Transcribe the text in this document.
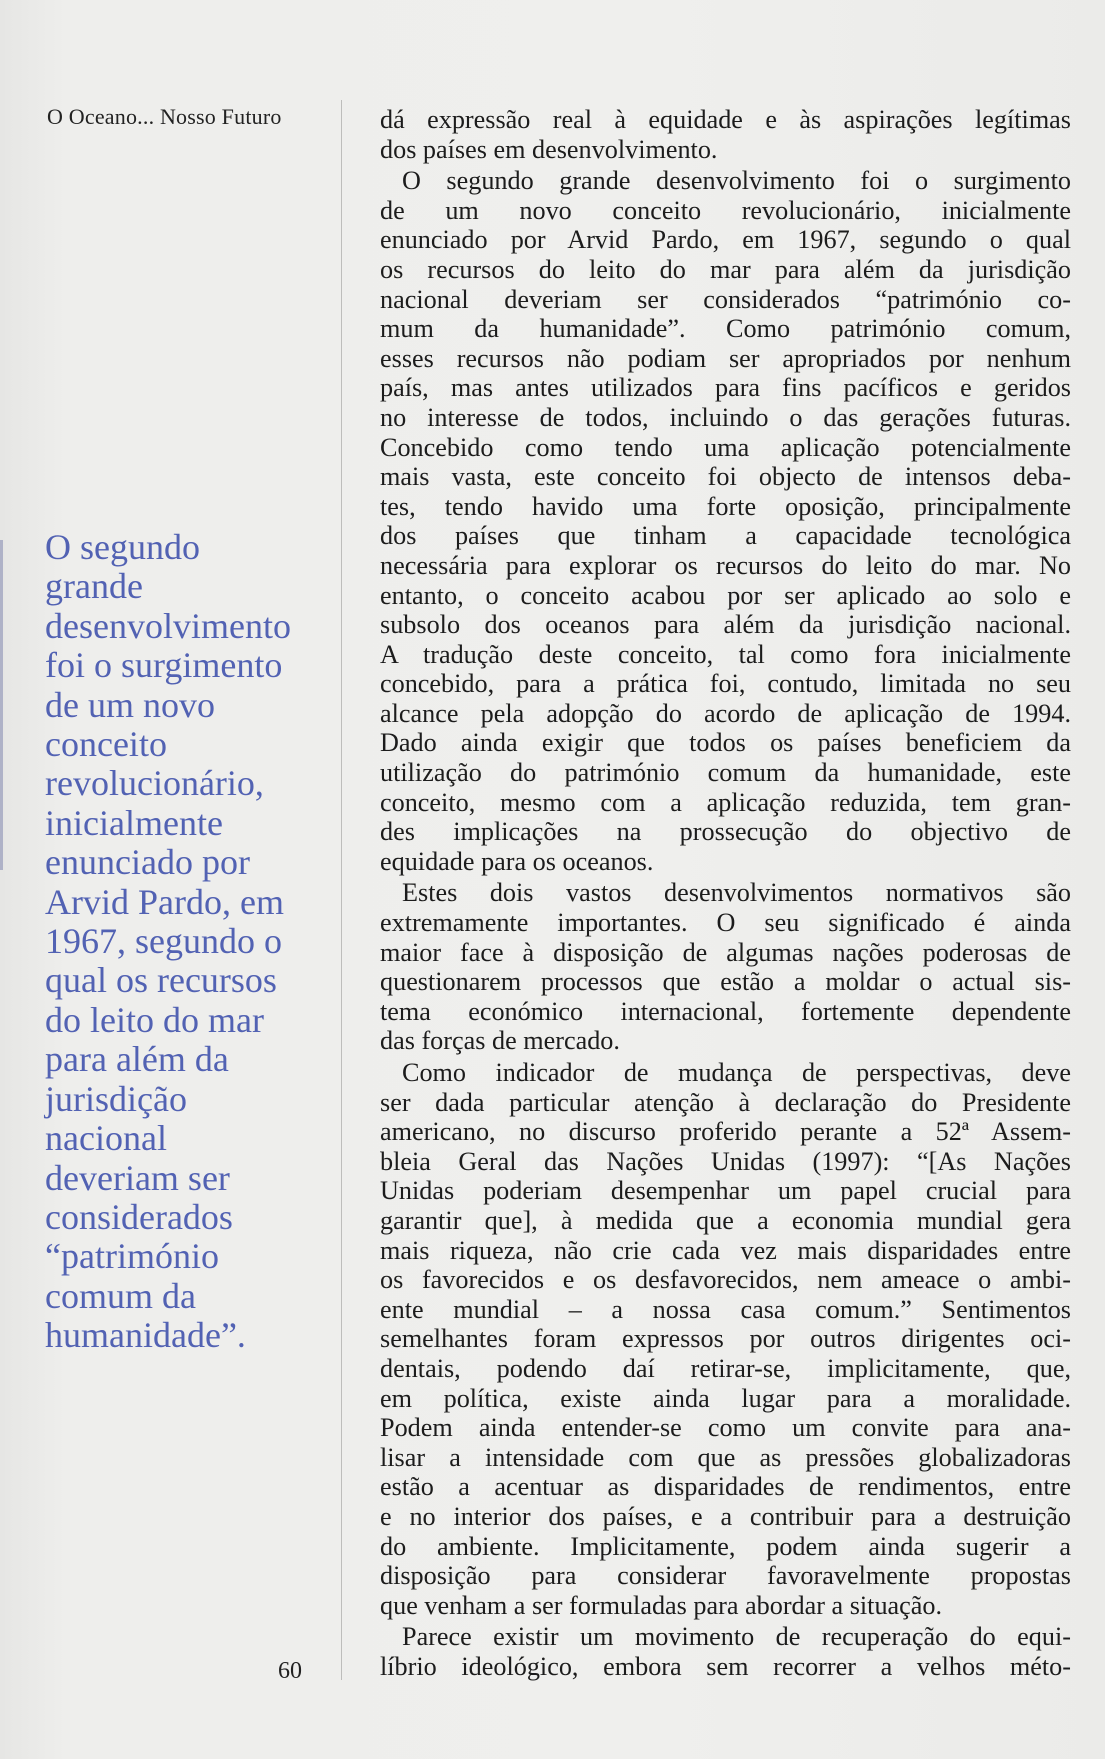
O Oceano... Nosso Futuro
O segundo
grande
desenvolvimento
foi o surgimento
de um novo
conceito
revolucionário,
inicialmente
enunciado por
Arvid Pardo, em
1967, segundo o
qual os recursos
do leito do mar
para além da
jurisdição
nacional
deveriam ser
considerados
“património
comum da
humanidade”.
60

dá expressão real à equidade e às aspirações legítimas
dos países em desenvolvimento.

O segundo grande desenvolvimento foi o surgimento
de um novo conceito revolucionário, inicialmente
enunciado por Arvid Pardo, em 1967, segundo o qual
os recursos do leito do mar para além da jurisdição
nacional deveriam ser considerados “património co-
mum da humanidade”. Como património comum,
esses recursos não podiam ser apropriados por nenhum
país, mas antes utilizados para fins pacíficos e geridos
no interesse de todos, incluindo o das gerações futuras.
Concebido como tendo uma aplicação potencialmente
mais vasta, este conceito foi objecto de intensos deba-
tes, tendo havido uma forte oposição, principalmente
dos países que tinham a capacidade tecnológica
necessária para explorar os recursos do leito do mar. No
entanto, o conceito acabou por ser aplicado ao solo e
subsolo dos oceanos para além da jurisdição nacional.
A tradução deste conceito, tal como fora inicialmente
concebido, para a prática foi, contudo, limitada no seu
alcance pela adopção do acordo de aplicação de 1994.
Dado ainda exigir que todos os países beneficiem da
utilização do património comum da humanidade, este
conceito, mesmo com a aplicação reduzida, tem gran-
des implicações na prossecução do objectivo de
equidade para os oceanos.

Estes dois vastos desenvolvimentos normativos são
extremamente importantes. O seu significado é ainda
maior face à disposição de algumas nações poderosas de
questionarem processos que estão a moldar o actual sis-
tema económico internacional, fortemente dependente
das forças de mercado.

Como indicador de mudança de perspectivas, deve
ser dada particular atenção à declaração do Presidente
americano, no discurso proferido perante a 52ª Assem-
bleia Geral das Nações Unidas (1997): “[As Nações
Unidas poderiam desempenhar um papel crucial para
garantir que], à medida que a economia mundial gera
mais riqueza, não crie cada vez mais disparidades entre
os favorecidos e os desfavorecidos, nem ameace o ambi-
ente mundial – a nossa casa comum.” Sentimentos
semelhantes foram expressos por outros dirigentes oci-
dentais, podendo daí retirar-se, implicitamente, que,
em política, existe ainda lugar para a moralidade.
Podem ainda entender-se como um convite para ana-
lisar a intensidade com que as pressões globalizadoras
estão a acentuar as disparidades de rendimentos, entre
e no interior dos países, e a contribuir para a destruição
do ambiente. Implicitamente, podem ainda sugerir a
disposição para considerar favoravelmente propostas
que venham a ser formuladas para abordar a situação.

Parece existir um movimento de recuperação do equi-
líbrio ideológico, embora sem recorrer a velhos méto-
